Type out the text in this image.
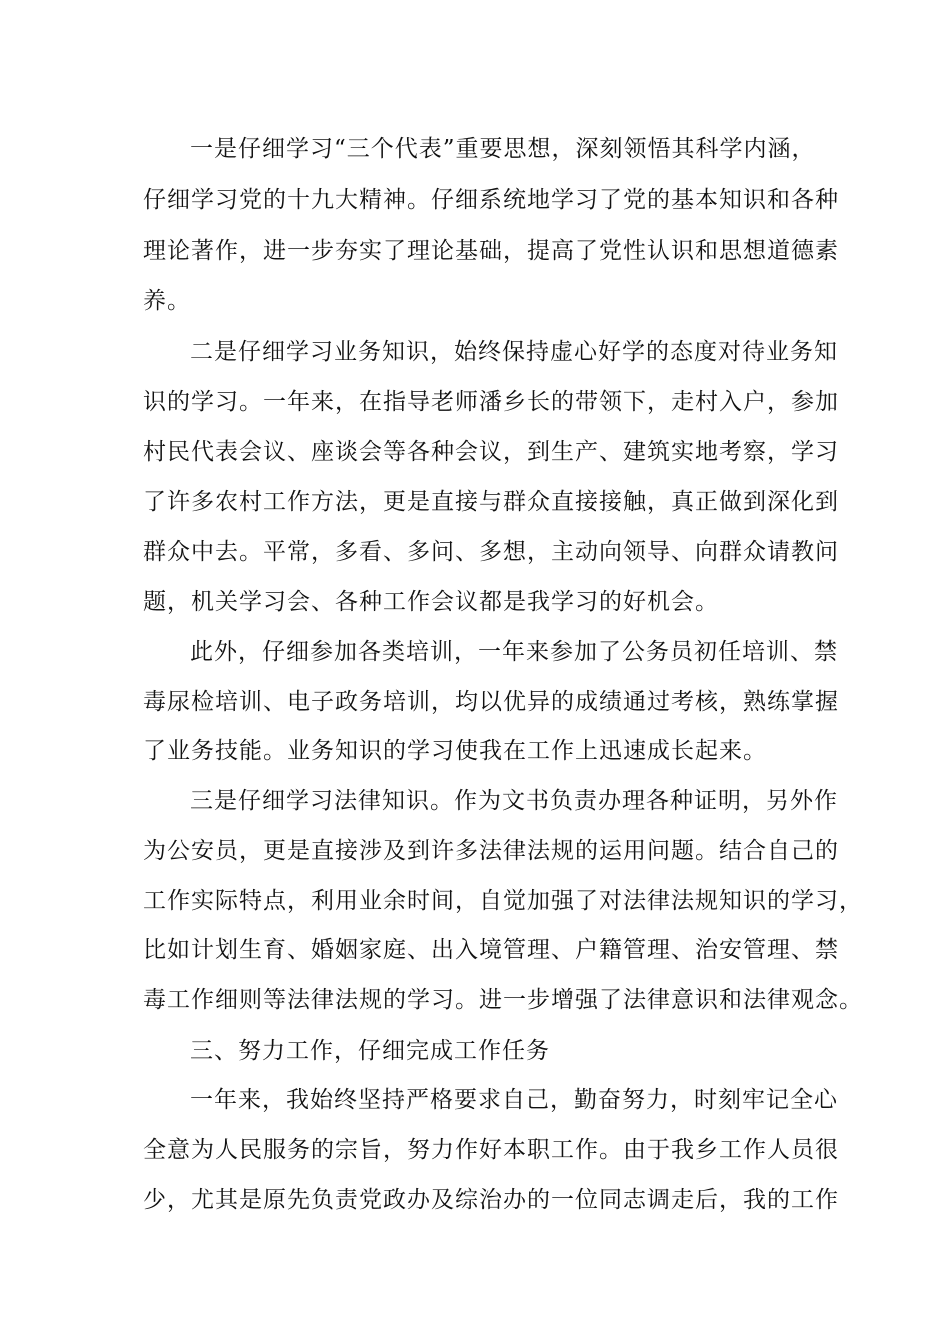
一是仔细学习“三个代表”重要思想，深刻领悟其科学内涵，
仔细学习党的十九大精神。仔细系统地学习了党的基本知识和各种
理论著作，进一步夯实了理论基础，提高了党性认识和思想道德素
养。
二是仔细学习业务知识，始终保持虚心好学的态度对待业务知
识的学习。一年来，在指导老师潘乡长的带领下，走村入户，参加
村民代表会议、座谈会等各种会议，到生产、建筑实地考察，学习
了许多农村工作方法，更是直接与群众直接接触，真正做到深化到
群众中去。平常，多看、多问、多想，主动向领导、向群众请教问
题，机关学习会、各种工作会议都是我学习的好机会。
此外，仔细参加各类培训，一年来参加了公务员初任培训、禁
毒尿检培训、电子政务培训，均以优异的成绩通过考核，熟练掌握
了业务技能。业务知识的学习使我在工作上迅速成长起来。
三是仔细学习法律知识。作为文书负责办理各种证明，另外作
为公安员，更是直接涉及到许多法律法规的运用问题。结合自己的
工作实际特点，利用业余时间，自觉加强了对法律法规知识的学习，
比如计划生育、婚姻家庭、出入境管理、户籍管理、治安管理、禁
毒工作细则等法律法规的学习。进一步增强了法律意识和法律观念。
三、努力工作，仔细完成工作任务
一年来，我始终坚持严格要求自己，勤奋努力，时刻牢记全心
全意为人民服务的宗旨，努力作好本职工作。由于我乡工作人员很
少，尤其是原先负责党政办及综治办的一位同志调走后，我的工作
